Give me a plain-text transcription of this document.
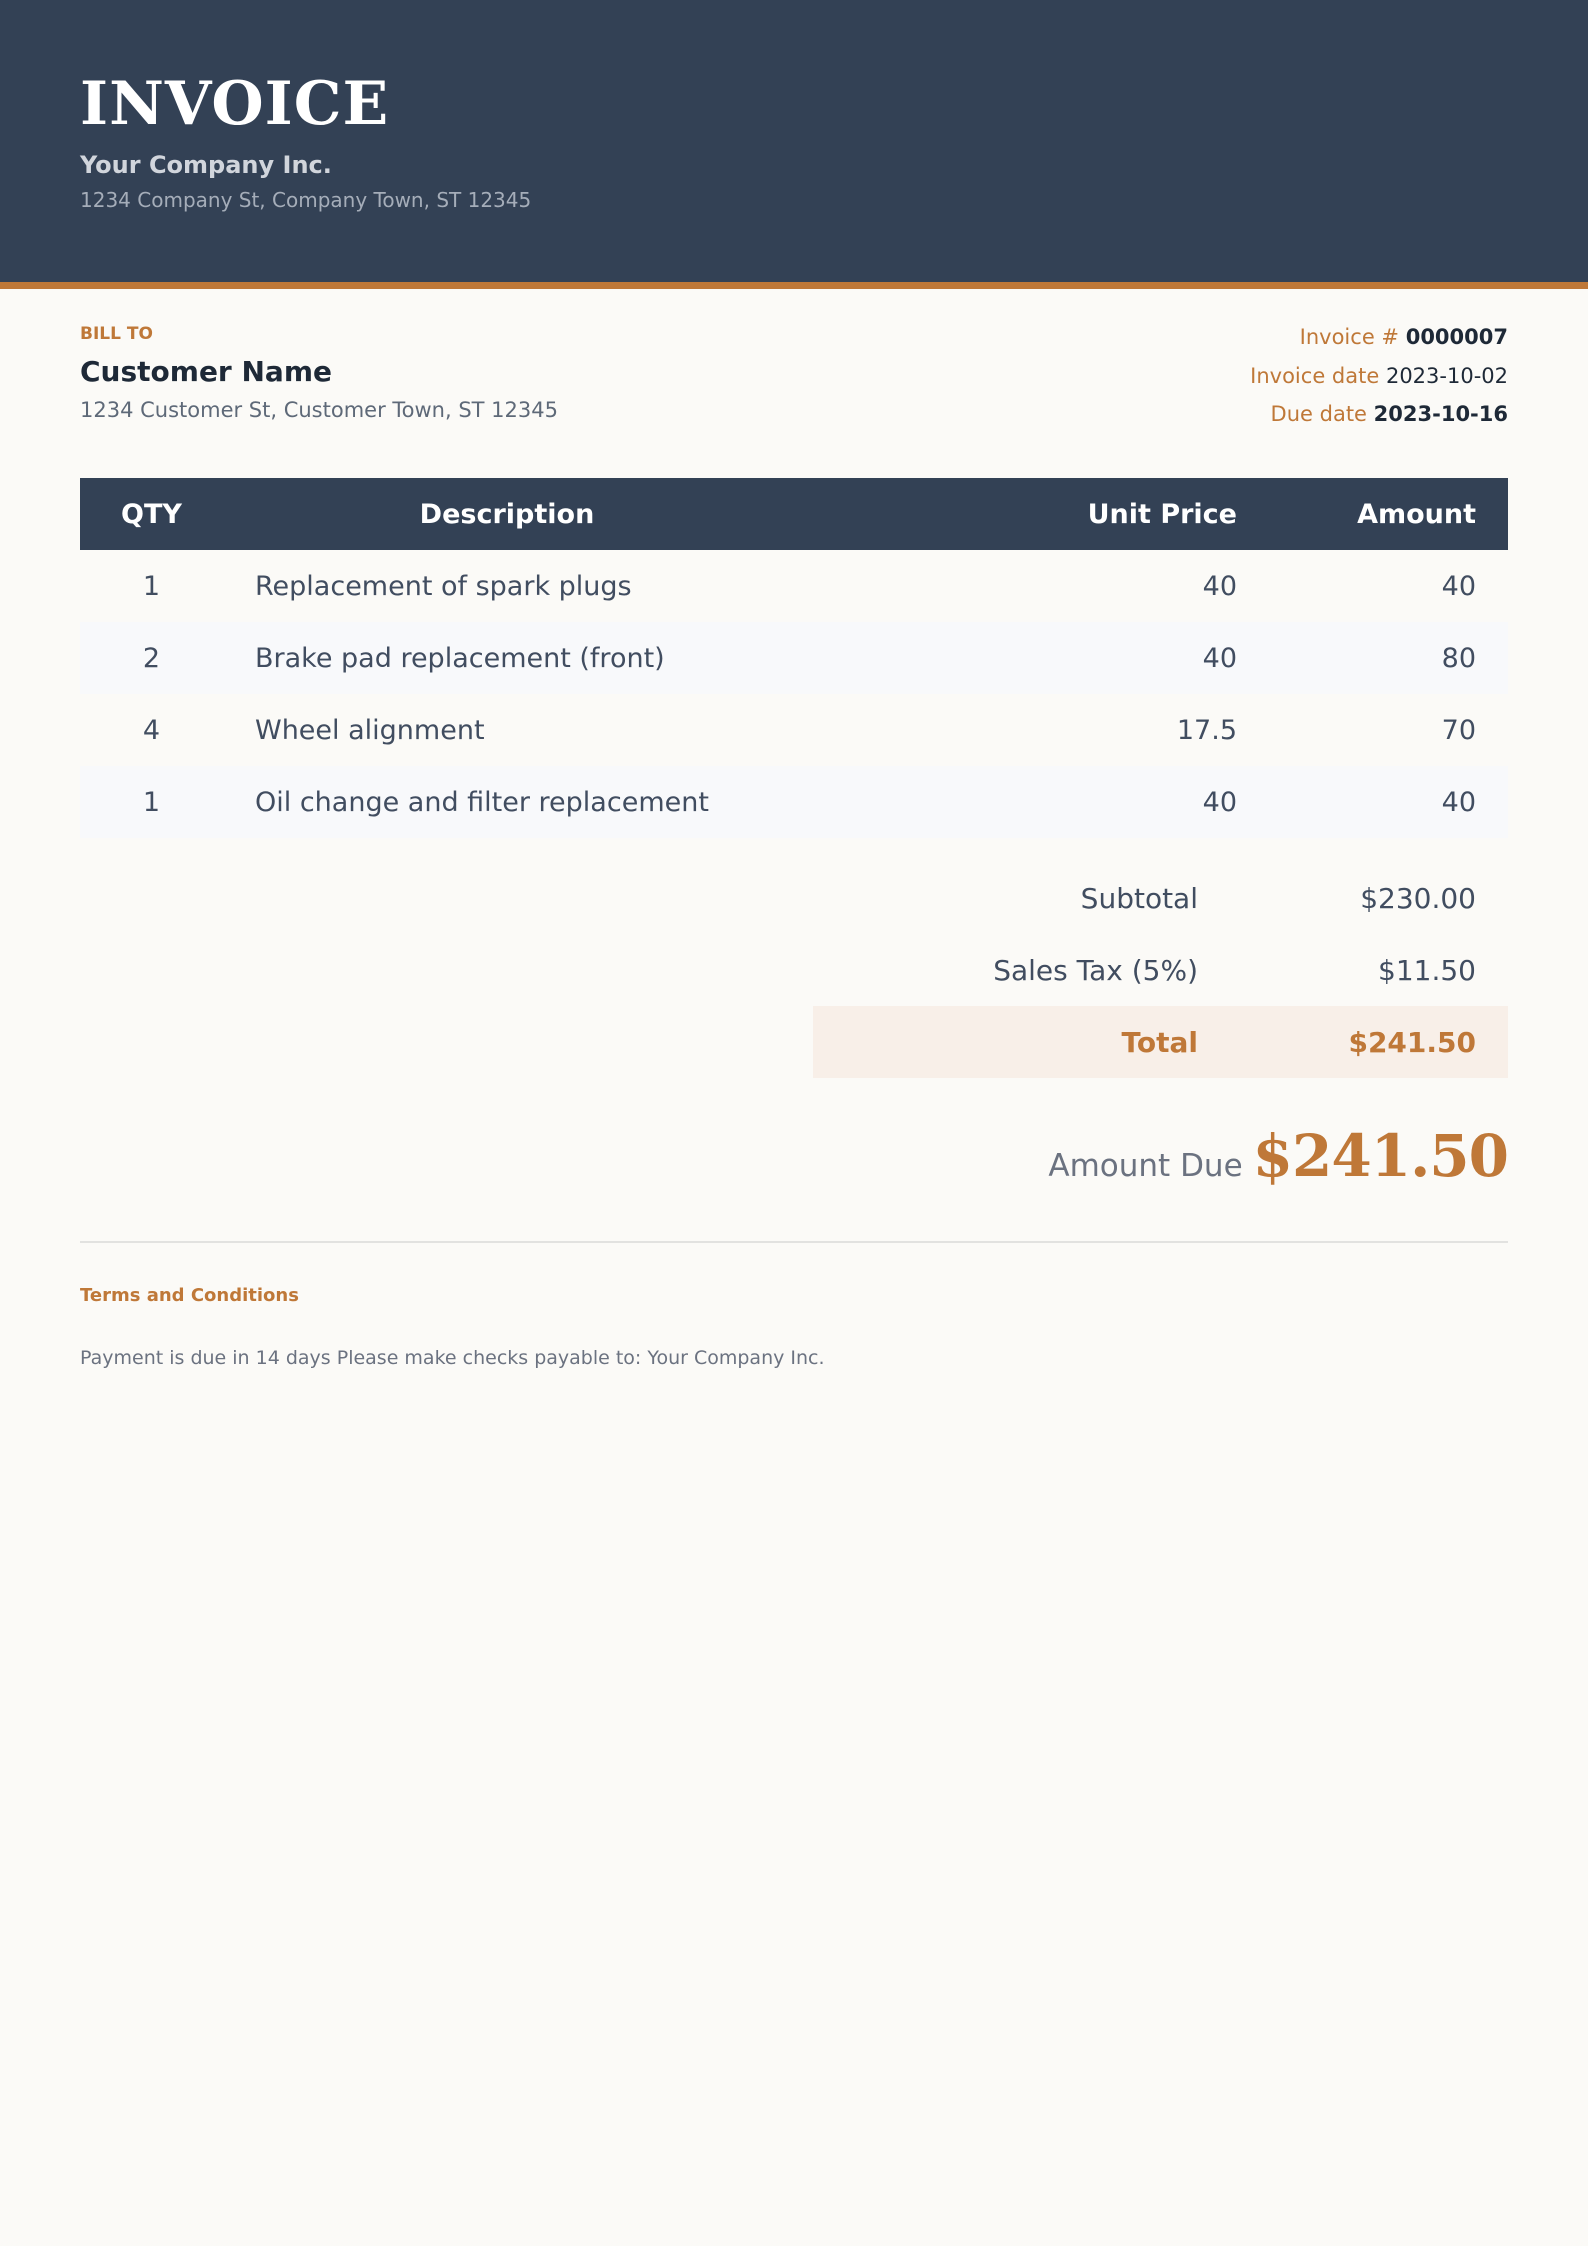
INVOICE
Your Company Inc.
1234 Company St, Company Town, ST 12345
BILL TO
Customer Name
1234 Customer St, Customer Town, ST 12345
Invoice # 0000007
Invoice date 2023-10-02
Due date 2023-10-16
QTY	Description	Unit Price	Amount
1	Replacement of spark plugs	40	40
2	Brake pad replacement (front)	40	80
4	Wheel alignment	17.5	70
1	Oil change and filter replacement	40	40
Subtotal	$230.00
Sales Tax (5%)	$11.50
Total	$241.50
Amount Due $241.50
Terms and Conditions
Payment is due in 14 days Please make checks payable to: Your Company Inc.
